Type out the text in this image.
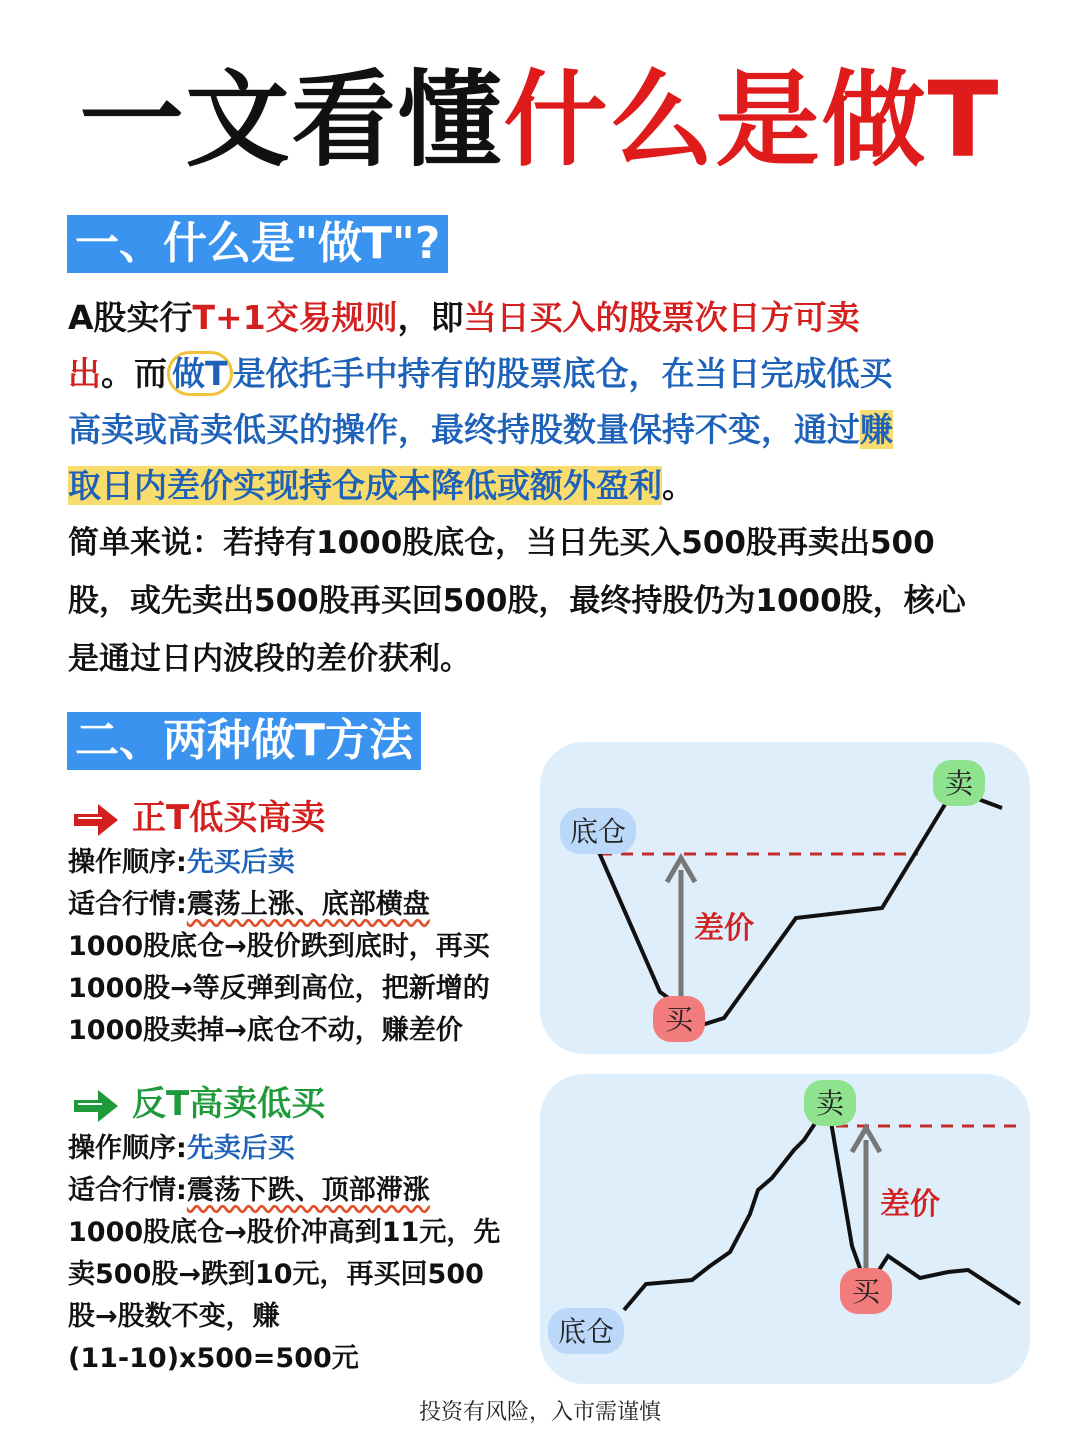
一文看懂什么是做T
一、什么是"做T"?
A股实行T+1交易规则，即当日买入的股票次日方可卖
出。而 做T 是依托手中持有的股票底仓，在当日完成低买
高卖或高卖低买的操作，最终持股数量保持不变，通过赚
取日内差价实现持仓成本降低或额外盈利。
简单来说：若持有1000股底仓，当日先买入500股再卖出500
股，或先卖出500股再买回500股，最终持股仍为1000股，核心
是通过日内波段的差价获利。
二、两种做T方法
正T低买高卖
操作顺序:先买后卖
适合行情:震荡上涨、底部横盘
1000股底仓→股价跌到底时，再买
1000股→等反弹到高位，把新增的
1000股卖掉→底仓不动，赚差价
底仓
买
卖
差价
反T高卖低买
操作顺序:先卖后买
适合行情:震荡下跌、顶部滞涨
1000股底仓→股价冲高到11元，先
卖500股→跌到10元，再买回500
股→股数不变，赚
(11-10)x500=500元
卖
买
底仓
差价
投资有风险，入市需谨慎
